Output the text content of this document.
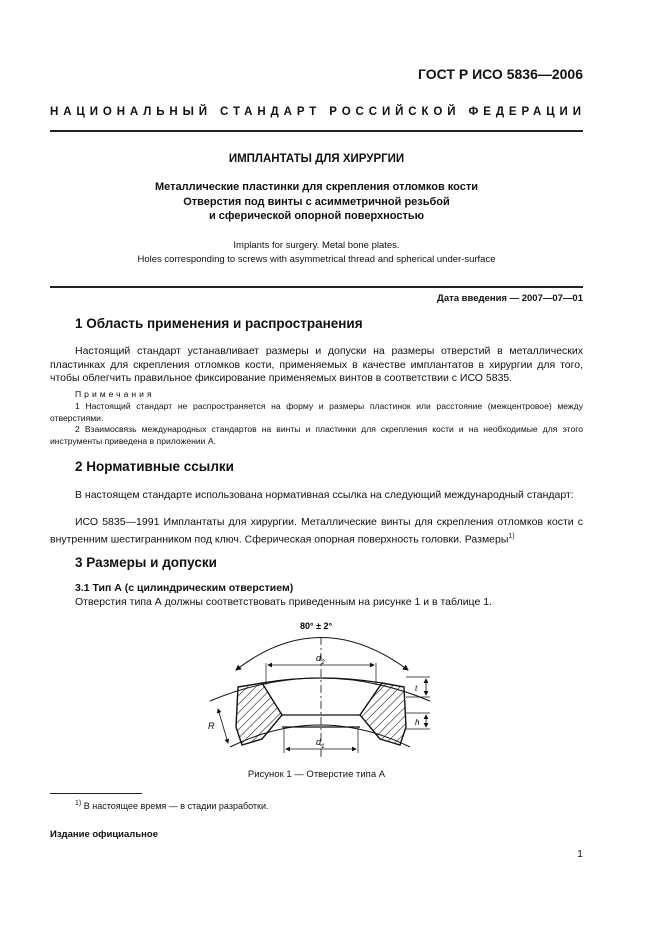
ГОСТ Р ИСО 5836—2006
НАЦИОНАЛЬНЫЙ СТАНДАРТ РОССИЙСКОЙ ФЕДЕРАЦИИ
ИМПЛАНТАТЫ ДЛЯ ХИРУРГИИ
Металлические пластинки для скрепления отломков кости
Отверстия под винты с асимметричной резьбой
и сферической опорной поверхностью
Implants for surgery. Metal bone plates.
Holes corresponding to screws with asymmetrical thread and spherical under-surface
Дата введения — 2007—07—01
1 Область применения и распространения
Настоящий стандарт устанавливает размеры и допуски на размеры отверстий в металлических пластинках для скрепления отломков кости, применяемых в качестве имплантатов в хирургии для того, чтобы облегчить правильное фиксирование применяемых винтов в соответствии с ИСО 5835.
Примечания
1 Настоящий стандарт не распространяется на форму и размеры пластинок или расстояние (межцентровое) между отверстиями.
2 Взаимосвязь международных стандартов на винты и пластинки для скрепления кости и на необходимые для этого инструменты приведена в приложении А.
2 Нормативные ссылки
В настоящем стандарте использована нормативная ссылка на следующий международный стандарт:
ИСО 5835—1991 Имплантаты для хирургии. Металлические винты для скрепления отломков кости с внутренним шестигранником под ключ. Сферическая опорная поверхность головки. Размеры$^{1)}$
3 Размеры и допуски
3.1 Тип А (с цилиндрическим отверстием)
Отверстия типа А должны соответствовать приведенным на рисунке 1 и в таблице 1.
80° ± 2°
$d_2$
$d_1$
R
t
h
Рисунок 1 — Отверстие типа А
$^{1)}$ В настоящее время — в стадии разработки.
Издание официальное
1
